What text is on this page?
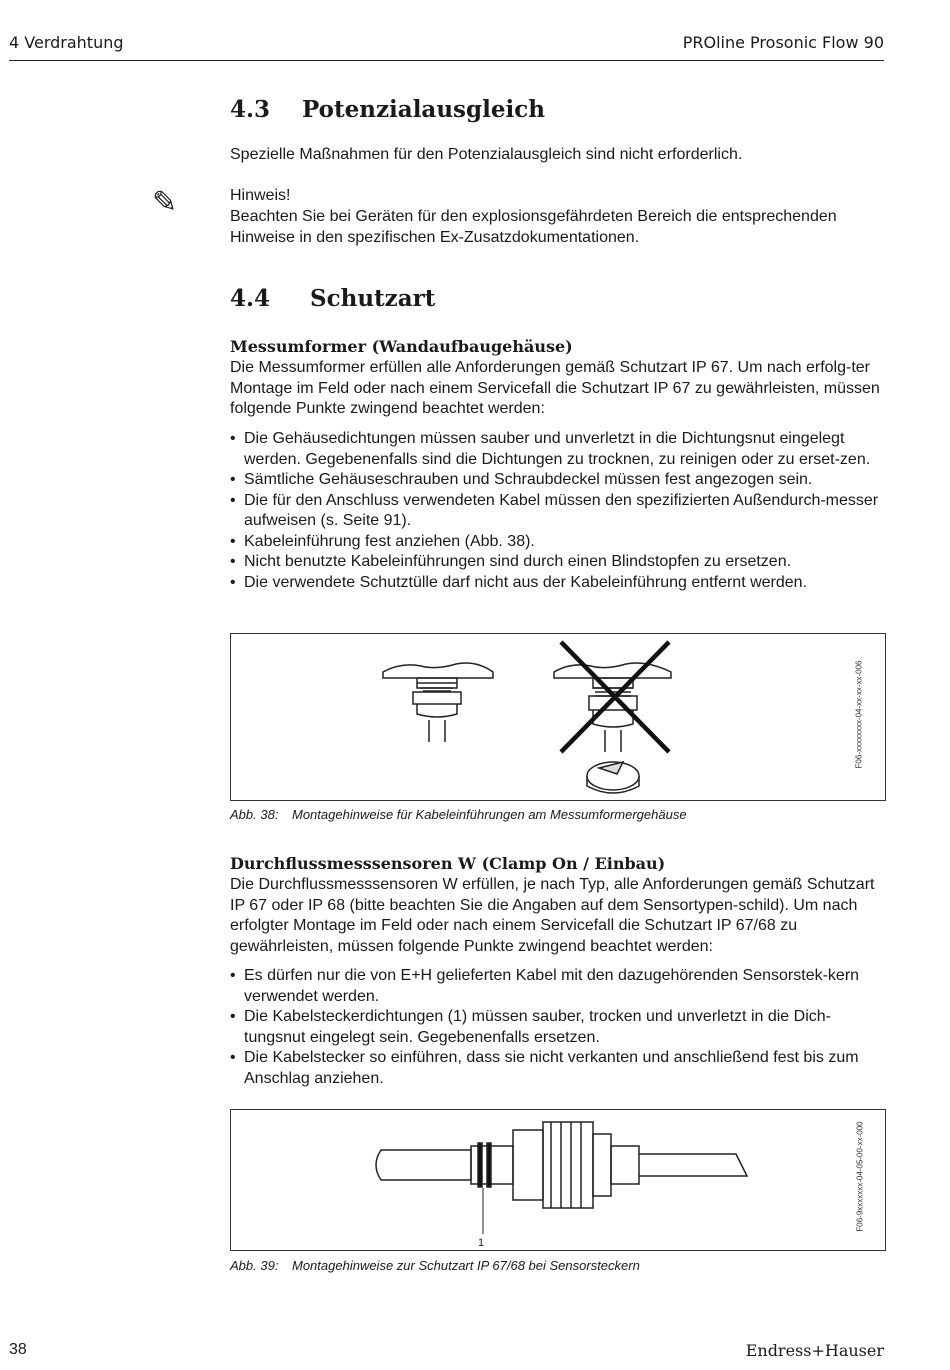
4 Verdrahtung	PROline Prosonic Flow 90
4.3 Potenzialausgleich

Spezielle Maßnahmen für den Potenzialausgleich sind nicht erforderlich.

✎	Hinweis!

Beachten Sie bei Geräten für den explosionsgefährdeten Bereich die entsprechenden Hinweise in den spezifischen Ex-Zusatzdokumentationen.

4.4 Schutzart
Messumformer (Wandaufbaugehäuse)

Die Messumformer erfüllen alle Anforderungen gemäß Schutzart IP 67. Um nach erfolg-ter Montage im Feld oder nach einem Servicefall die Schutzart IP 67 zu gewährleisten, müssen folgende Punkte zwingend beachtet werden:

• Die Gehäusedichtungen müssen sauber und unverletzt in die Dichtungsnut eingelegt werden. Gegebenenfalls sind die Dichtungen zu trocknen, zu reinigen oder zu erset-zen.
• Sämtliche Gehäuseschrauben und Schraubdeckel müssen fest angezogen sein.
• Die für den Anschluss verwendeten Kabel müssen den spezifizierten Außendurch-messer aufweisen (s. Seite 91).
• Kabeleinführung fest anziehen (Abb. 38).
• Nicht benutzte Kabeleinführungen sind durch einen Blindstopfen zu ersetzen.
• Die verwendete Schutztülle darf nicht aus der Kabeleinführung entfernt werden.
F06-xxxxxxxx-04-xx-xx-xx-006
Abb. 38: Montagehinweise für Kabeleinführungen am Messumformergehäuse
Durchflussmesssensoren W (Clamp On / Einbau)

Die Durchflussmesssensoren W erfüllen, je nach Typ, alle Anforderungen gemäß Schutzart IP 67 oder IP 68 (bitte beachten Sie die Angaben auf dem Sensortypen-schild). Um nach erfolgter Montage im Feld oder nach einem Servicefall die Schutzart IP 67/68 zu gewährleisten, müssen folgende Punkte zwingend beachtet werden:

• Es dürfen nur die von E+H gelieferten Kabel mit den dazugehörenden Sensorstek-kern verwendet werden.
• Die Kabelsteckerdichtungen (1) müssen sauber, trocken und unverletzt in die Dich-tungsnut eingelegt sein. Gegebenenfalls ersetzen.
• Die Kabelstecker so einführen, dass sie nicht verkanten und anschließend fest bis zum Anschlag anziehen.
1
F06-9xxxxxxx-04-05-00-xx-000
Abb. 39: Montagehinweise zur Schutzart IP 67/68 bei Sensorsteckern
38	Endress+Hauser
